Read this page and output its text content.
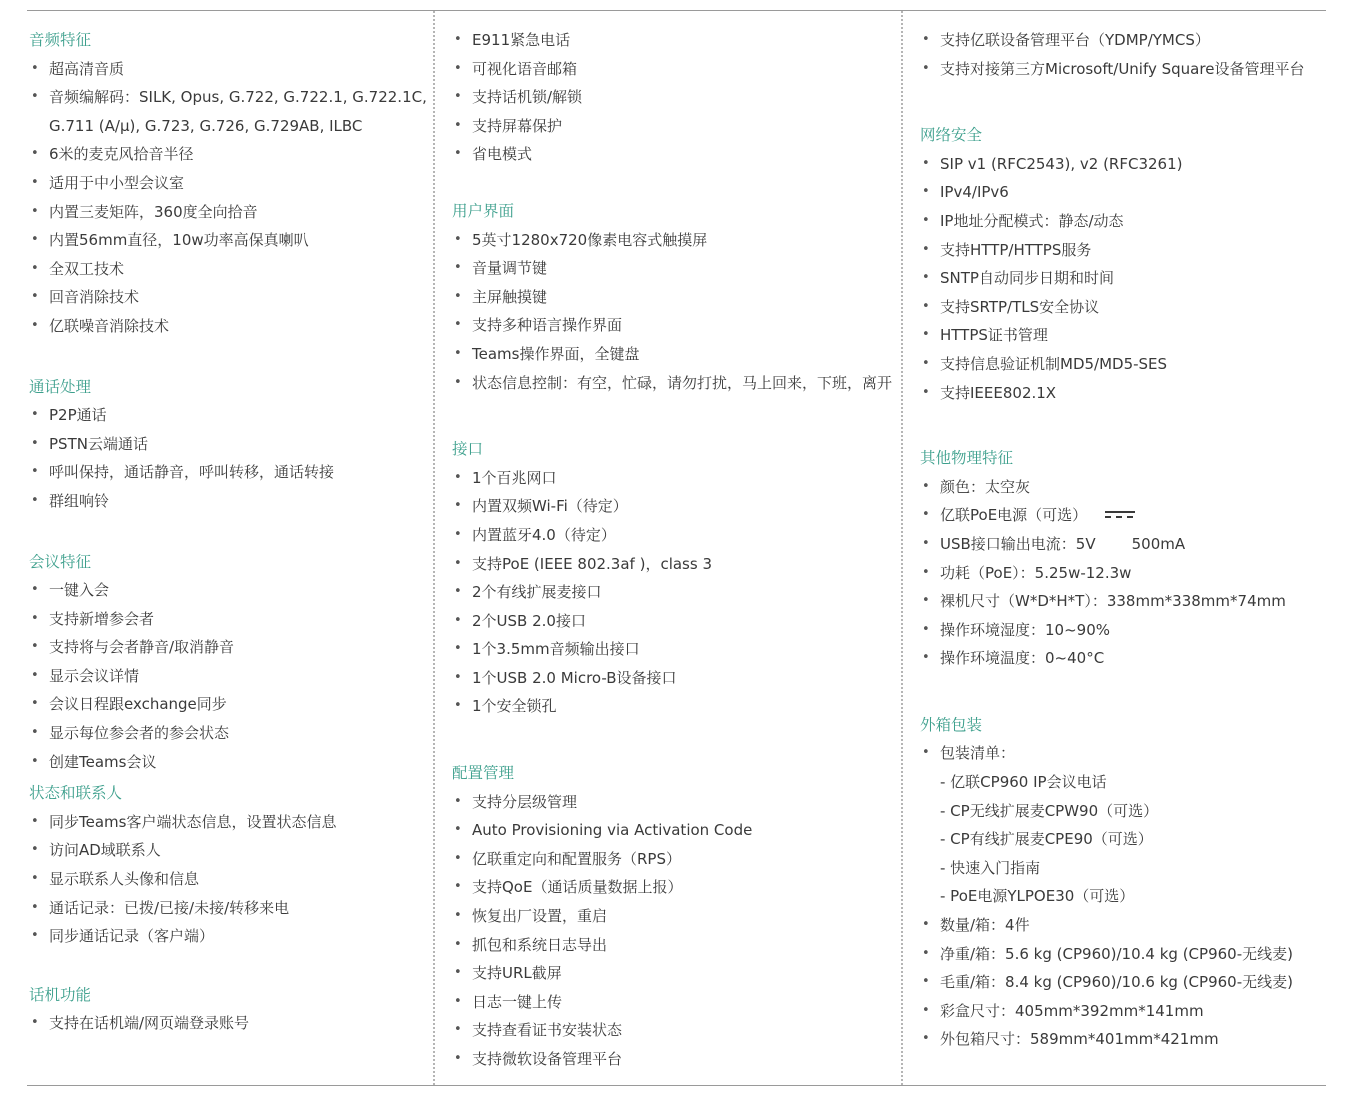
音频特征
• 超高清音质
• 音频编解码：SILK, Opus, G.722, G.722.1, G.722.1C,
G.711 (A/μ), G.723, G.726, G.729AB, ILBC
• 6米的麦克风拾音半径
• 适用于中小型会议室
• 内置三麦矩阵，360度全向拾音
• 内置56mm直径，10w功率高保真喇叭
• 全双工技术
• 回音消除技术
• 亿联噪音消除技术
通话处理
• P2P通话
• PSTN云端通话
• 呼叫保持，通话静音，呼叫转移，通话转接
• 群组响铃
会议特征
• 一键入会
• 支持新增参会者
• 支持将与会者静音/取消静音
• 显示会议详情
• 会议日程跟exchange同步
• 显示每位参会者的参会状态
• 创建Teams会议
状态和联系人
• 同步Teams客户端状态信息，设置状态信息
• 访问AD域联系人
• 显示联系人头像和信息
• 通话记录：已拨/已接/未接/转移来电
• 同步通话记录（客户端）
话机功能
• 支持在话机端/网页端登录账号
• E911紧急电话
• 可视化语音邮箱
• 支持话机锁/解锁
• 支持屏幕保护
• 省电模式
用户界面
• 5英寸1280x720像素电容式触摸屏
• 音量调节键
• 主屏触摸键
• 支持多种语言操作界面
• Teams操作界面，全键盘
• 状态信息控制：有空，忙碌，请勿打扰，马上回来，下班，离开
接口
• 1个百兆网口
• 内置双频Wi-Fi（待定）
• 内置蓝牙4.0（待定）
• 支持PoE (IEEE 802.3af )，class 3
• 2个有线扩展麦接口
• 2个USB 2.0接口
• 1个3.5mm音频输出接口
• 1个USB 2.0 Micro-B设备接口
• 1个安全锁孔
配置管理
• 支持分层级管理
• Auto Provisioning via Activation Code
• 亿联重定向和配置服务（RPS）
• 支持QoE（通话质量数据上报）
• 恢复出厂设置，重启
• 抓包和系统日志导出
• 支持URL截屏
• 日志一键上传
• 支持查看证书安装状态
• 支持微软设备管理平台
• 支持亿联设备管理平台（YDMP/YMCS）
• 支持对接第三方Microsoft/Unify Square设备管理平台
网络安全
• SIP v1 (RFC2543), v2 (RFC3261)
• IPv4/IPv6
• IP地址分配模式：静态/动态
• 支持HTTP/HTTPS服务
• SNTP自动同步日期和时间
• 支持SRTP/TLS安全协议
• HTTPS证书管理
• 支持信息验证机制MD5/MD5-SES
• 支持IEEE802.1X
其他物理特征
• 颜色：太空灰
• 亿联PoE电源（可选）
• USB接口输出电流：5V 500mA
• 功耗（PoE）：5.25w-12.3w
• 裸机尺寸（W*D*H*T）：338mm*338mm*74mm
• 操作环境湿度：10~90%
• 操作环境温度：0~40°C
外箱包装
• 包装清单：
- 亿联CP960 IP会议电话
- CP无线扩展麦CPW90（可选）
- CP有线扩展麦CPE90（可选）
- 快速入门指南
- PoE电源YLPOE30（可选）
• 数量/箱：4件
• 净重/箱：5.6 kg (CP960)/10.4 kg (CP960-无线麦)
• 毛重/箱：8.4 kg (CP960)/10.6 kg (CP960-无线麦)
• 彩盒尺寸：405mm*392mm*141mm
• 外包箱尺寸：589mm*401mm*421mm
